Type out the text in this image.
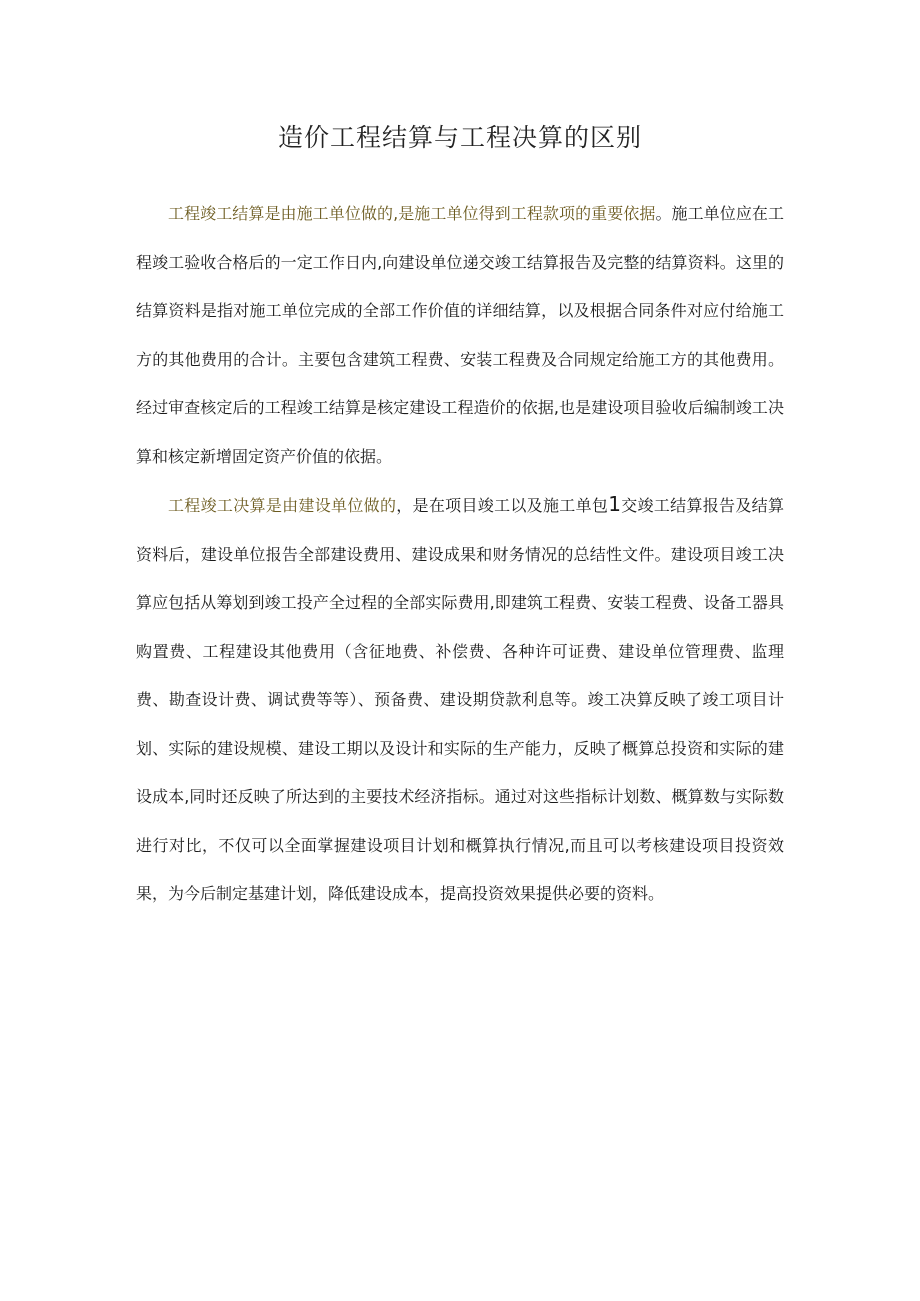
造价工程结算与工程决算的区别

工程竣工结算是由施工单位做的,是施工单位得到工程款项的重要依据。施工单位应在工程竣工验收合格后的一定工作日内,向建设单位递交竣工结算报告及完整的结算资料。这里的结算资料是指对施工单位完成的全部工作价值的详细结算，以及根据合同条件对应付给施工方的其他费用的合计。主要包含建筑工程费、安装工程费及合同规定给施工方的其他费用。经过审查核定后的工程竣工结算是核定建设工程造价的依据,也是建设项目验收后编制竣工决算和核定新增固定资产价值的依据。

工程竣工决算是由建设单位做的，是在项目竣工以及施工单包1交竣工结算报告及结算资料后，建设单位报告全部建设费用、建设成果和财务情况的总结性文件。建设项目竣工决算应包括从筹划到竣工投产全过程的全部实际费用,即建筑工程费、安装工程费、设备工器具购置费、工程建设其他费用（含征地费、补偿费、各种许可证费、建设单位管理费、监理费、勘查设计费、调试费等等）、预备费、建设期贷款利息等。竣工决算反映了竣工项目计划、实际的建设规模、建设工期以及设计和实际的生产能力，反映了概算总投资和实际的建设成本,同时还反映了所达到的主要技术经济指标。通过对这些指标计划数、概算数与实际数进行对比，不仅可以全面掌握建设项目计划和概算执行情况,而且可以考核建设项目投资效果，为今后制定基建计划，降低建设成本，提高投资效果提供必要的资料。
